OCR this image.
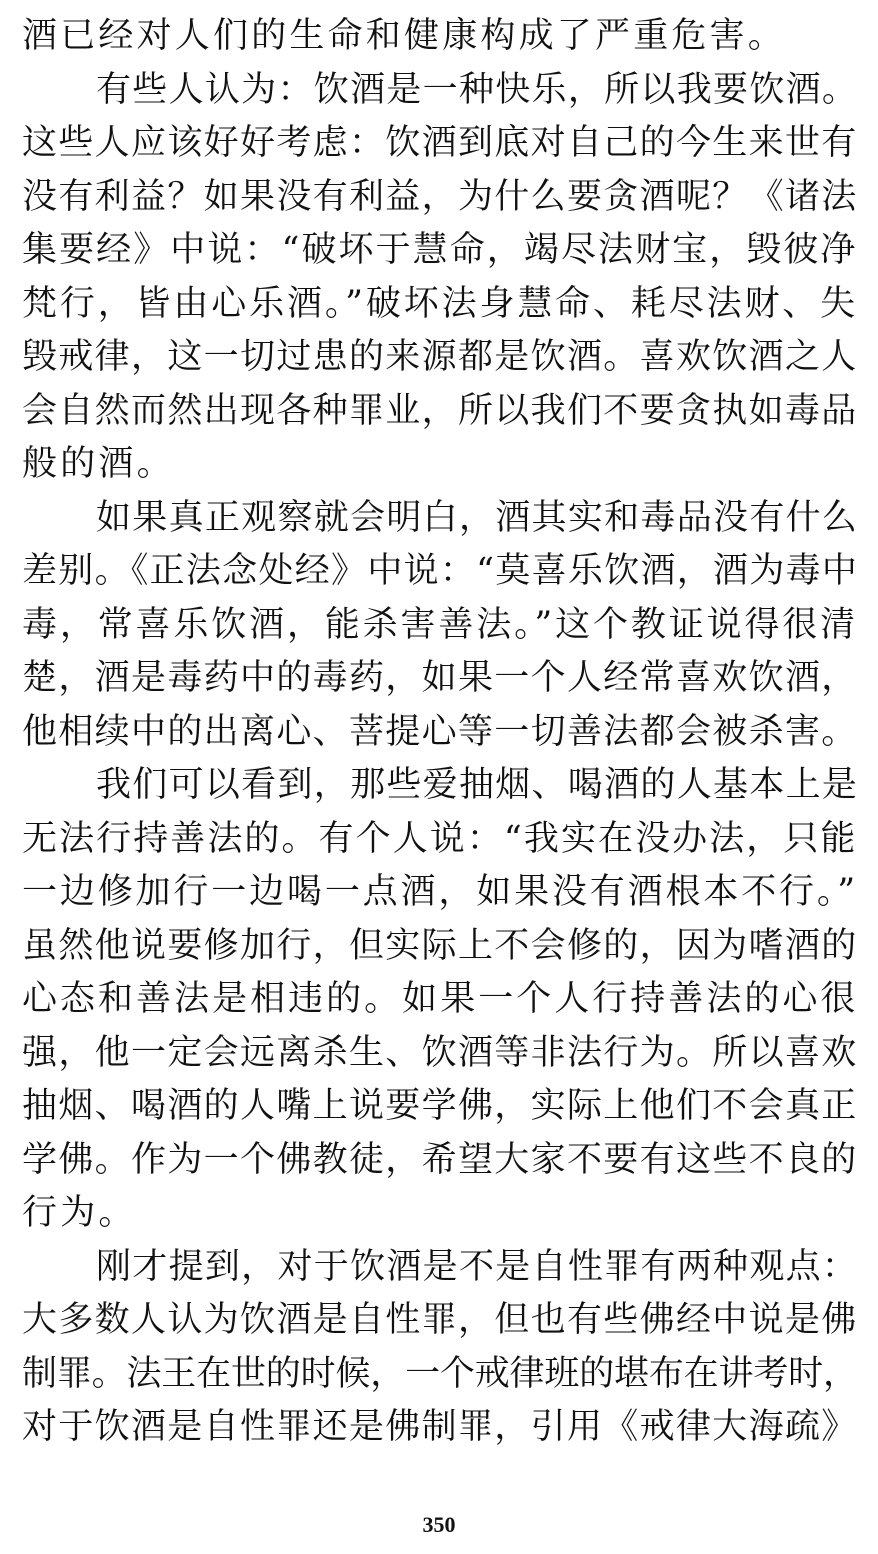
酒已经对人们的生命和健康构成了严重危害。
有些人认为：饮酒是一种快乐，所以我要饮酒。
这些人应该好好考虑：饮酒到底对自己的今生来世有
没有利益？如果没有利益，为什么要贪酒呢？《诸法
集要经》中说：“破坏于慧命，竭尽法财宝，毁彼净
梵行，皆由心乐酒。”破坏法身慧命、耗尽法财、失
毁戒律，这一切过患的来源都是饮酒。喜欢饮酒之人
会自然而然出现各种罪业，所以我们不要贪执如毒品
般的酒。
如果真正观察就会明白，酒其实和毒品没有什么
差别。《正法念处经》中说：“莫喜乐饮酒，酒为毒中
毒，常喜乐饮酒，能杀害善法。”这个教证说得很清
楚，酒是毒药中的毒药，如果一个人经常喜欢饮酒，
他相续中的出离心、菩提心等一切善法都会被杀害。
我们可以看到，那些爱抽烟、喝酒的人基本上是
无法行持善法的。有个人说：“我实在没办法，只能
一边修加行一边喝一点酒，如果没有酒根本不行。”
虽然他说要修加行，但实际上不会修的，因为嗜酒的
心态和善法是相违的。如果一个人行持善法的心很
强，他一定会远离杀生、饮酒等非法行为。所以喜欢
抽烟、喝酒的人嘴上说要学佛，实际上他们不会真正
学佛。作为一个佛教徒，希望大家不要有这些不良的
行为。
刚才提到，对于饮酒是不是自性罪有两种观点：
大多数人认为饮酒是自性罪，但也有些佛经中说是佛
制罪。法王在世的时候，一个戒律班的堪布在讲考时，
对于饮酒是自性罪还是佛制罪，引用《戒律大海疏》
350
